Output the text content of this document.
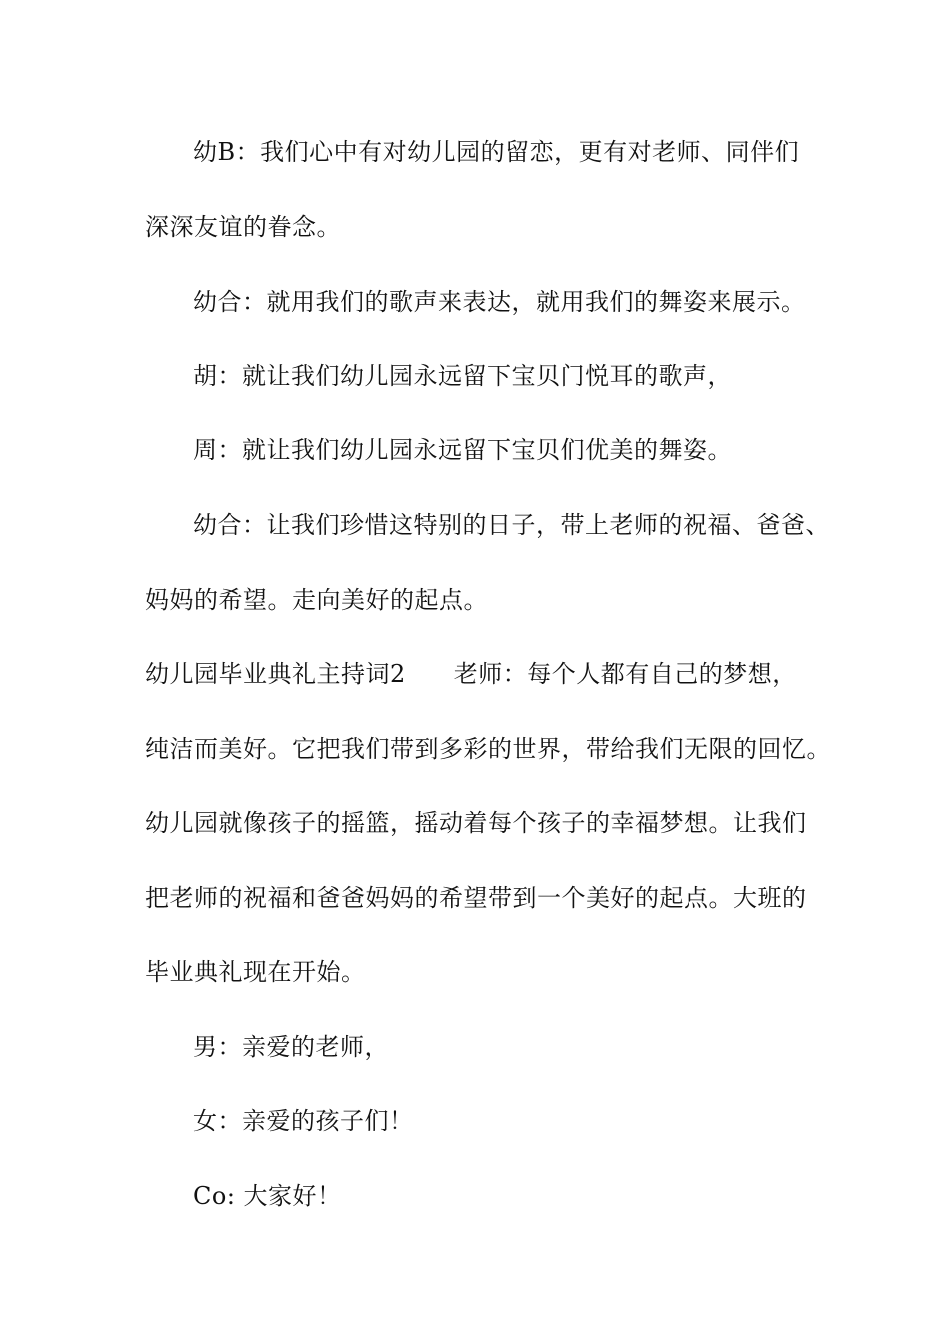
幼B：我们心中有对幼儿园的留恋，更有对老师、同伴们
深深友谊的眷念。
幼合：就用我们的歌声来表达，就用我们的舞姿来展示。
胡：就让我们幼儿园永远留下宝贝门悦耳的歌声，
周：就让我们幼儿园永远留下宝贝们优美的舞姿。
幼合：让我们珍惜这特别的日子，带上老师的祝福、爸爸、
妈妈的希望。走向美好的起点。
幼儿园毕业典礼主持词2 老师：每个人都有自己的梦想，
纯洁而美好。它把我们带到多彩的世界，带给我们无限的回忆。
幼儿园就像孩子的摇篮，摇动着每个孩子的幸福梦想。让我们
把老师的祝福和爸爸妈妈的希望带到一个美好的起点。大班的
毕业典礼现在开始。
男：亲爱的老师，
女：亲爱的孩子们！
Co: 大家好！
